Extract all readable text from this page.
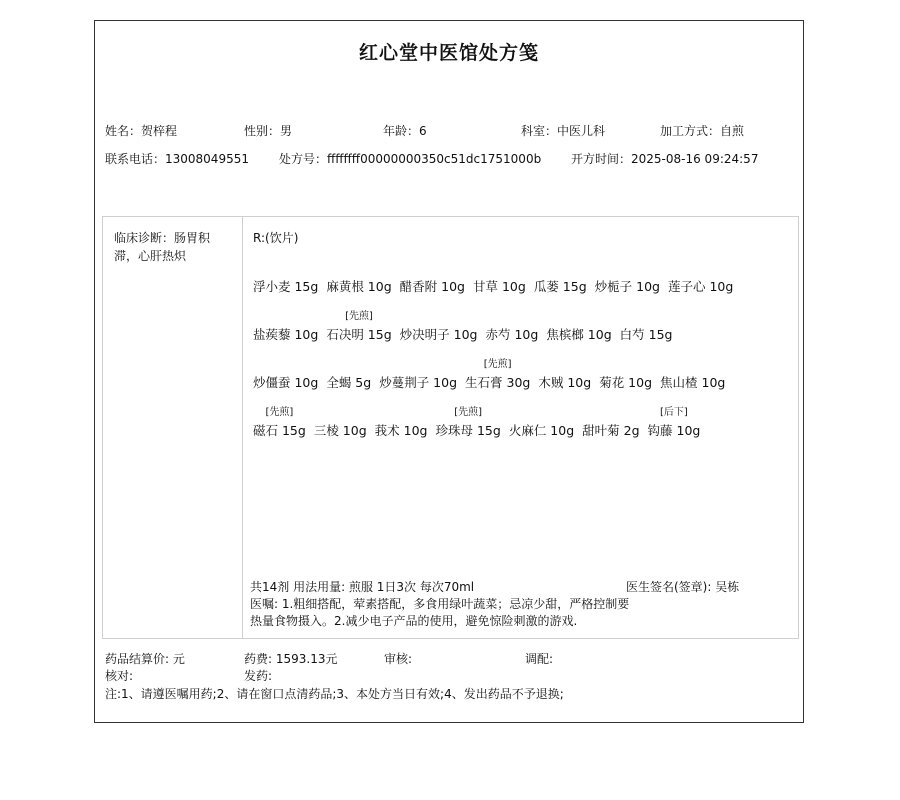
红心堂中医馆处方笺
姓名：贺梓程	性别：男	年龄：6	科室：中医儿科	加工方式：自煎
联系电话：13008049551	处方号：ffffffff00000000350c51dc1751000b 开方时间：2025-08-16 09:24:57
临床诊断：肠胃积滞，心肝热炽
R:(饮片)
浮小麦 15g 麻黄根 10g 醋香附 10g 甘草 10g 瓜蒌 15g 炒栀子 10g 莲子心 10g
盐蒺藜 10g
[先煎]
石决明 15g 炒决明子 10g 赤芍 10g 焦槟榔 10g 白芍 15g
炒僵蚕 10g 全蝎 5g 炒蔓荆子 10g
[先煎]
生石膏 30g 木贼 10g 菊花 10g 焦山楂 10g
[先煎]
磁石 15g 三棱 10g 莪术 10g
[先煎]
珍珠母 15g 火麻仁 10g 甜叶菊 2g
[后下]
钩藤 10g
共14剂 用法用量: 煎服 1日3次 每次70ml	医生签名(签章): 吴栋
医嘱: 1.粗细搭配，荤素搭配，多食用绿叶蔬菜；忌凉少甜，严格控制要热量食物摄入。2.减少电子产品的使用，避免惊险刺激的游戏.
药品结算价: 元	药费: 1593.13元	审核:	调配:
核对:	发药:
注:1、请遵医嘱用药;2、请在窗口点清药品;3、本处方当日有效;4、发出药品不予退换;
